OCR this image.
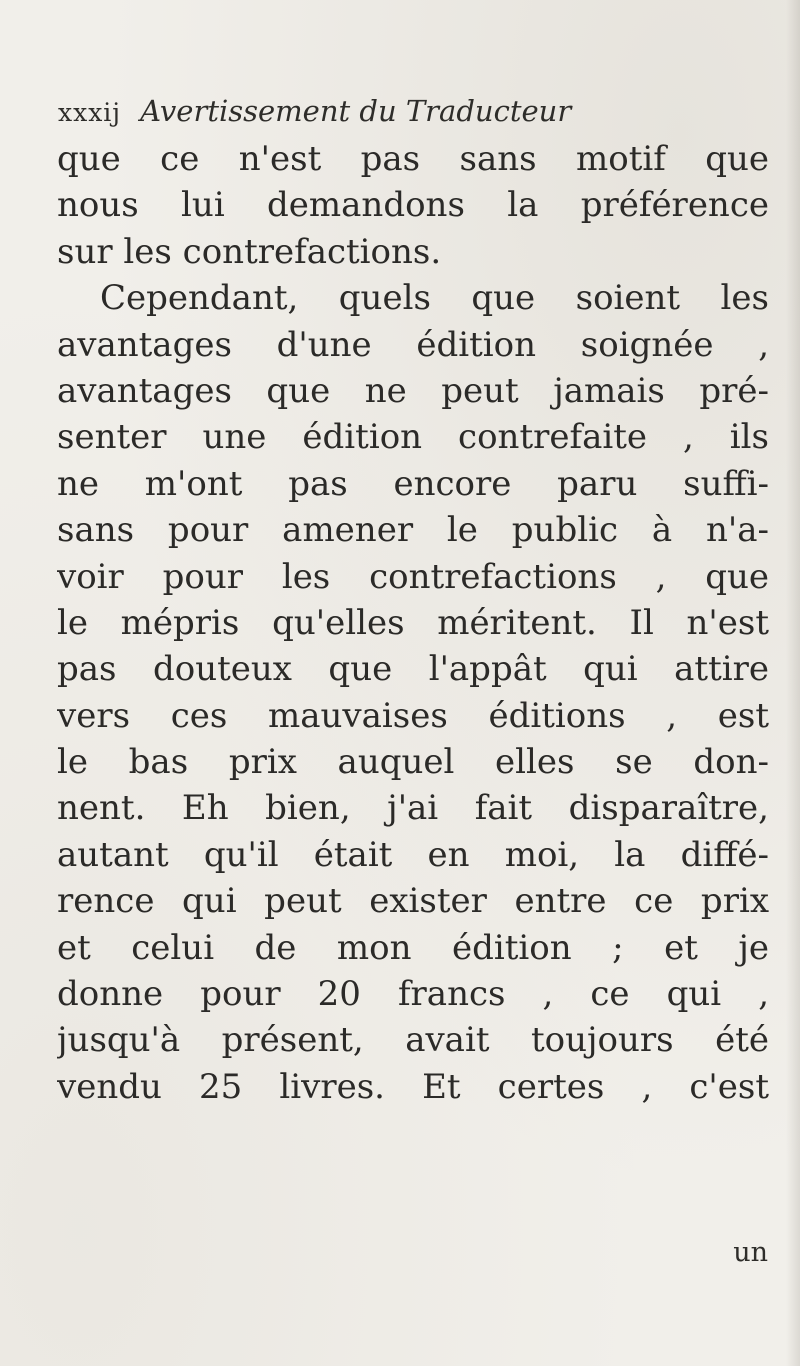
xxxij Avertissement du Traducteur
que ce n'est pas sans motif que
nous lui demandons la préférence
sur les contrefactions.
Cependant, quels que soient les
avantages d'une édition soignée ,
avantages que ne peut jamais pré-
senter une édition contrefaite , ils
ne m'ont pas encore paru suffi-
sans pour amener le public à n'a-
voir pour les contrefactions , que
le mépris qu'elles méritent. Il n'est
pas douteux que l'appât qui attire
vers ces mauvaises éditions , est
le bas prix auquel elles se don-
nent. Eh bien, j'ai fait disparaître,
autant qu'il était en moi, la diffé-
rence qui peut exister entre ce prix
et celui de mon édition ; et je
donne pour 20 francs , ce qui ,
jusqu'à présent, avait toujours été
vendu 25 livres. Et certes , c'est
un
